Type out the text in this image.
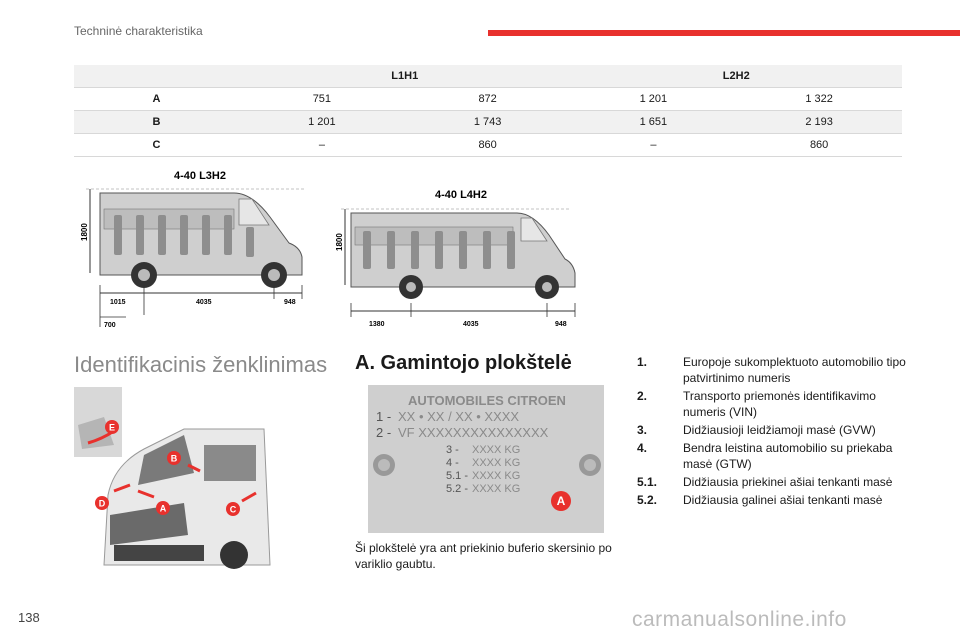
Techninė charakteristika
	L1H1		L2H2	
A	751	872	1 201	1 322
B	1 201	1 743	1 651	2 193
C	–	860	–	860
4-40 L3H2
1800
1015	4035	948
700
4-40 L4H2
1800
1380	4035	948
Identifikacinis ženklinimas A. Gamintojo plokštelė
E
D	A
B
C
AUTOMOBILES CITROEN
1 - XX • XX / XX • XXXX
2 - VF XXXXXXXXXXXXXXX
3 - XXXX KG
4 - XXXX KG
5.1 - XXXX KG
5.2 - XXXX KG
A
Ši plokštelė yra ant priekinio buferio skersinio po variklio gaubtu.
1.	Europoje sukomplektuoto automobilio tipo patvirtinimo numeris
2.	Transporto priemonės identifikavimo numeris (VIN)
3.	Didžiausioji leidžiamoji masė (GVW)
4.	Bendra leistina automobilio su priekaba masė (GTW)
5.1.	Didžiausia priekinei ašiai tenkanti masė
5.2.	Didžiausia galinei ašiai tenkanti masė
138	carmanualsonline.info
